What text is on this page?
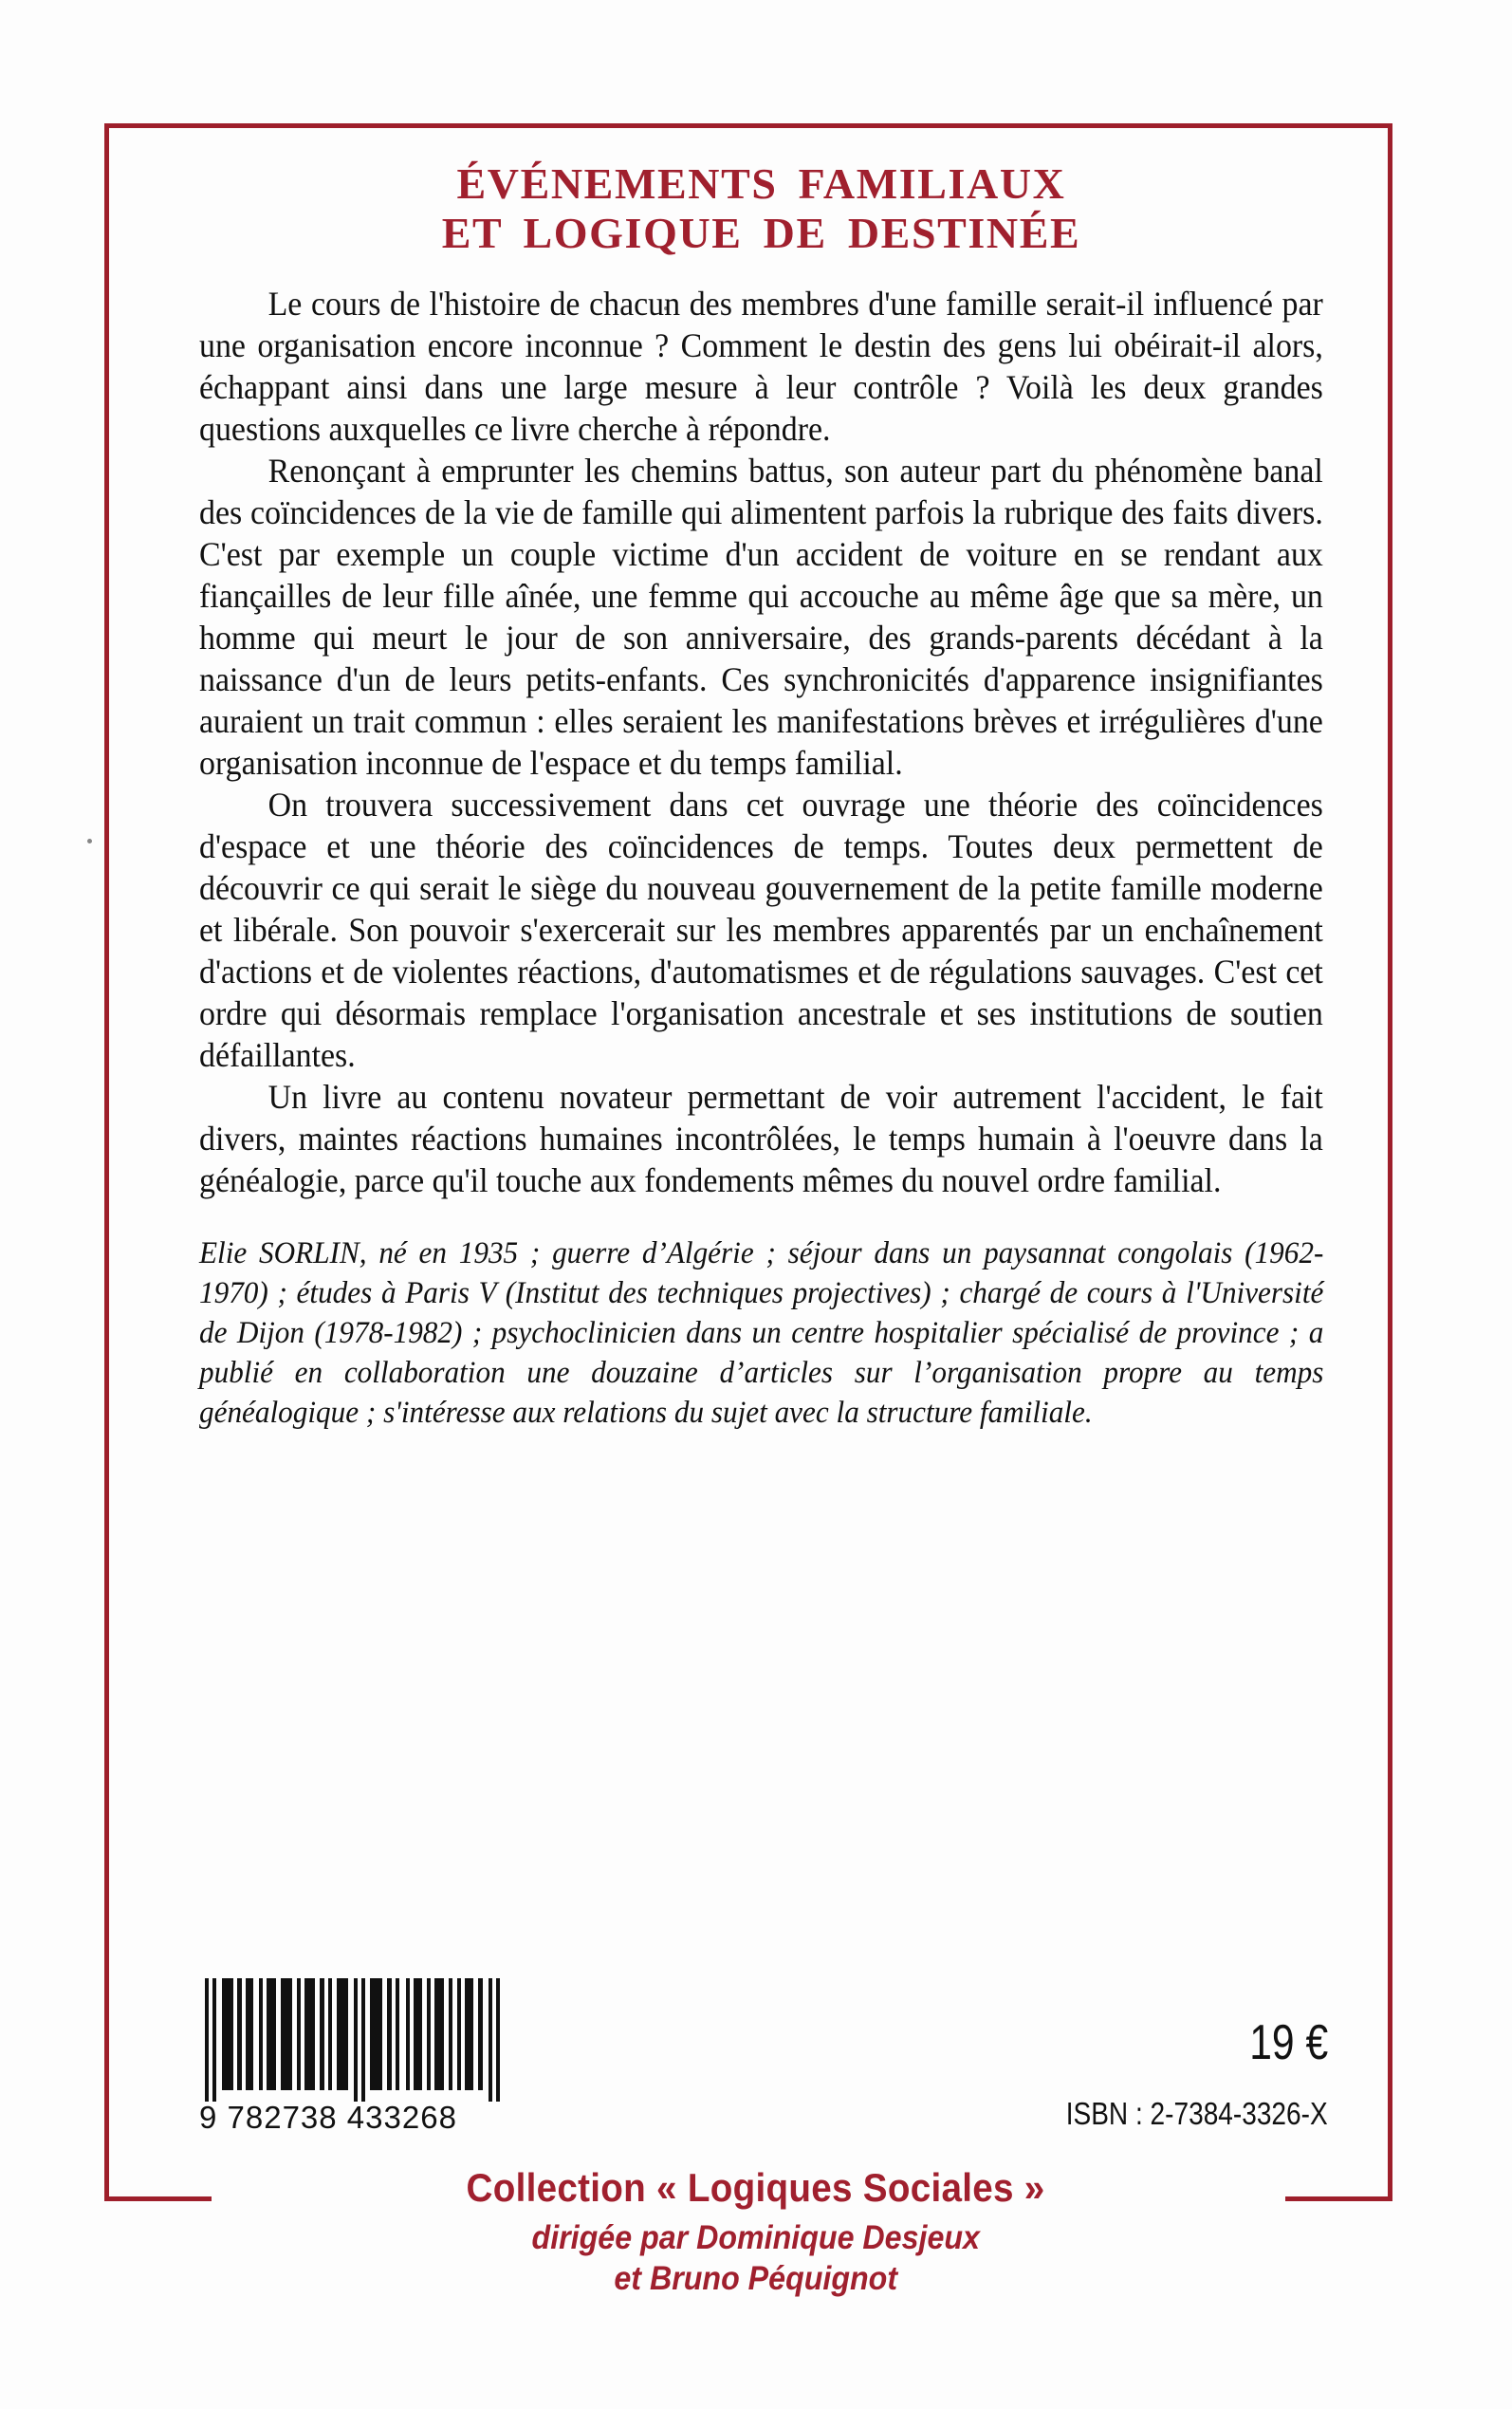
ÉVÉNEMENTS FAMILIAUX
ET LOGIQUE DE DESTINÉE

Le cours de l'histoire de chacun des membres d'une famille serait-il influencé par une organisation encore inconnue ? Comment le destin des gens lui obéirait-il alors, échappant ainsi dans une large mesure à leur contrôle ? Voilà les deux grandes questions auxquelles ce livre cherche à répondre.

Renonçant à emprunter les chemins battus, son auteur part du phénomène banal des coïncidences de la vie de famille qui alimentent parfois la rubrique des faits divers. C'est par exemple un couple victime d'un accident de voiture en se rendant aux fiançailles de leur fille aînée, une femme qui accouche au même âge que sa mère, un homme qui meurt le jour de son anniversaire, des grands-parents décédant à la naissance d'un de leurs petits-enfants. Ces synchronicités d'apparence insignifiantes auraient un trait commun : elles seraient les manifestations brèves et irrégulières d'une organisation inconnue de l'espace et du temps familial.

On trouvera successivement dans cet ouvrage une théorie des coïncidences d'espace et une théorie des coïncidences de temps. Toutes deux permettent de découvrir ce qui serait le siège du nouveau gouvernement de la petite famille moderne et libérale. Son pouvoir s'exercerait sur les membres apparentés par un enchaînement d'actions et de violentes réactions, d'automatismes et de régulations sauvages. C'est cet ordre qui désormais remplace l'organisation ancestrale et ses institutions de soutien défaillantes.

Un livre au contenu novateur permettant de voir autrement l'accident, le fait divers, maintes réactions humaines incontrôlées, le temps humain à l'oeuvre dans la généalogie, parce qu'il touche aux fondements mêmes du nouvel ordre familial.

Elie SORLIN, né en 1935 ; guerre d’Algérie ; séjour dans un paysannat congolais (1962-1970) ; études à Paris V (Institut des techniques projectives) ; chargé de cours à l'Université de Dijon (1978-1982) ; psychoclinicien dans un centre hospitalier spécialisé de province ; a publié en collaboration une douzaine d’articles sur l’organisation propre au temps généalogique ; s'intéresse aux relations du sujet avec la structure familiale.
9 782738 433268
19 €
ISBN : 2-7384-3326-X
Collection « Logiques Sociales »
dirigée par Dominique Desjeux
et Bruno Péquignot
